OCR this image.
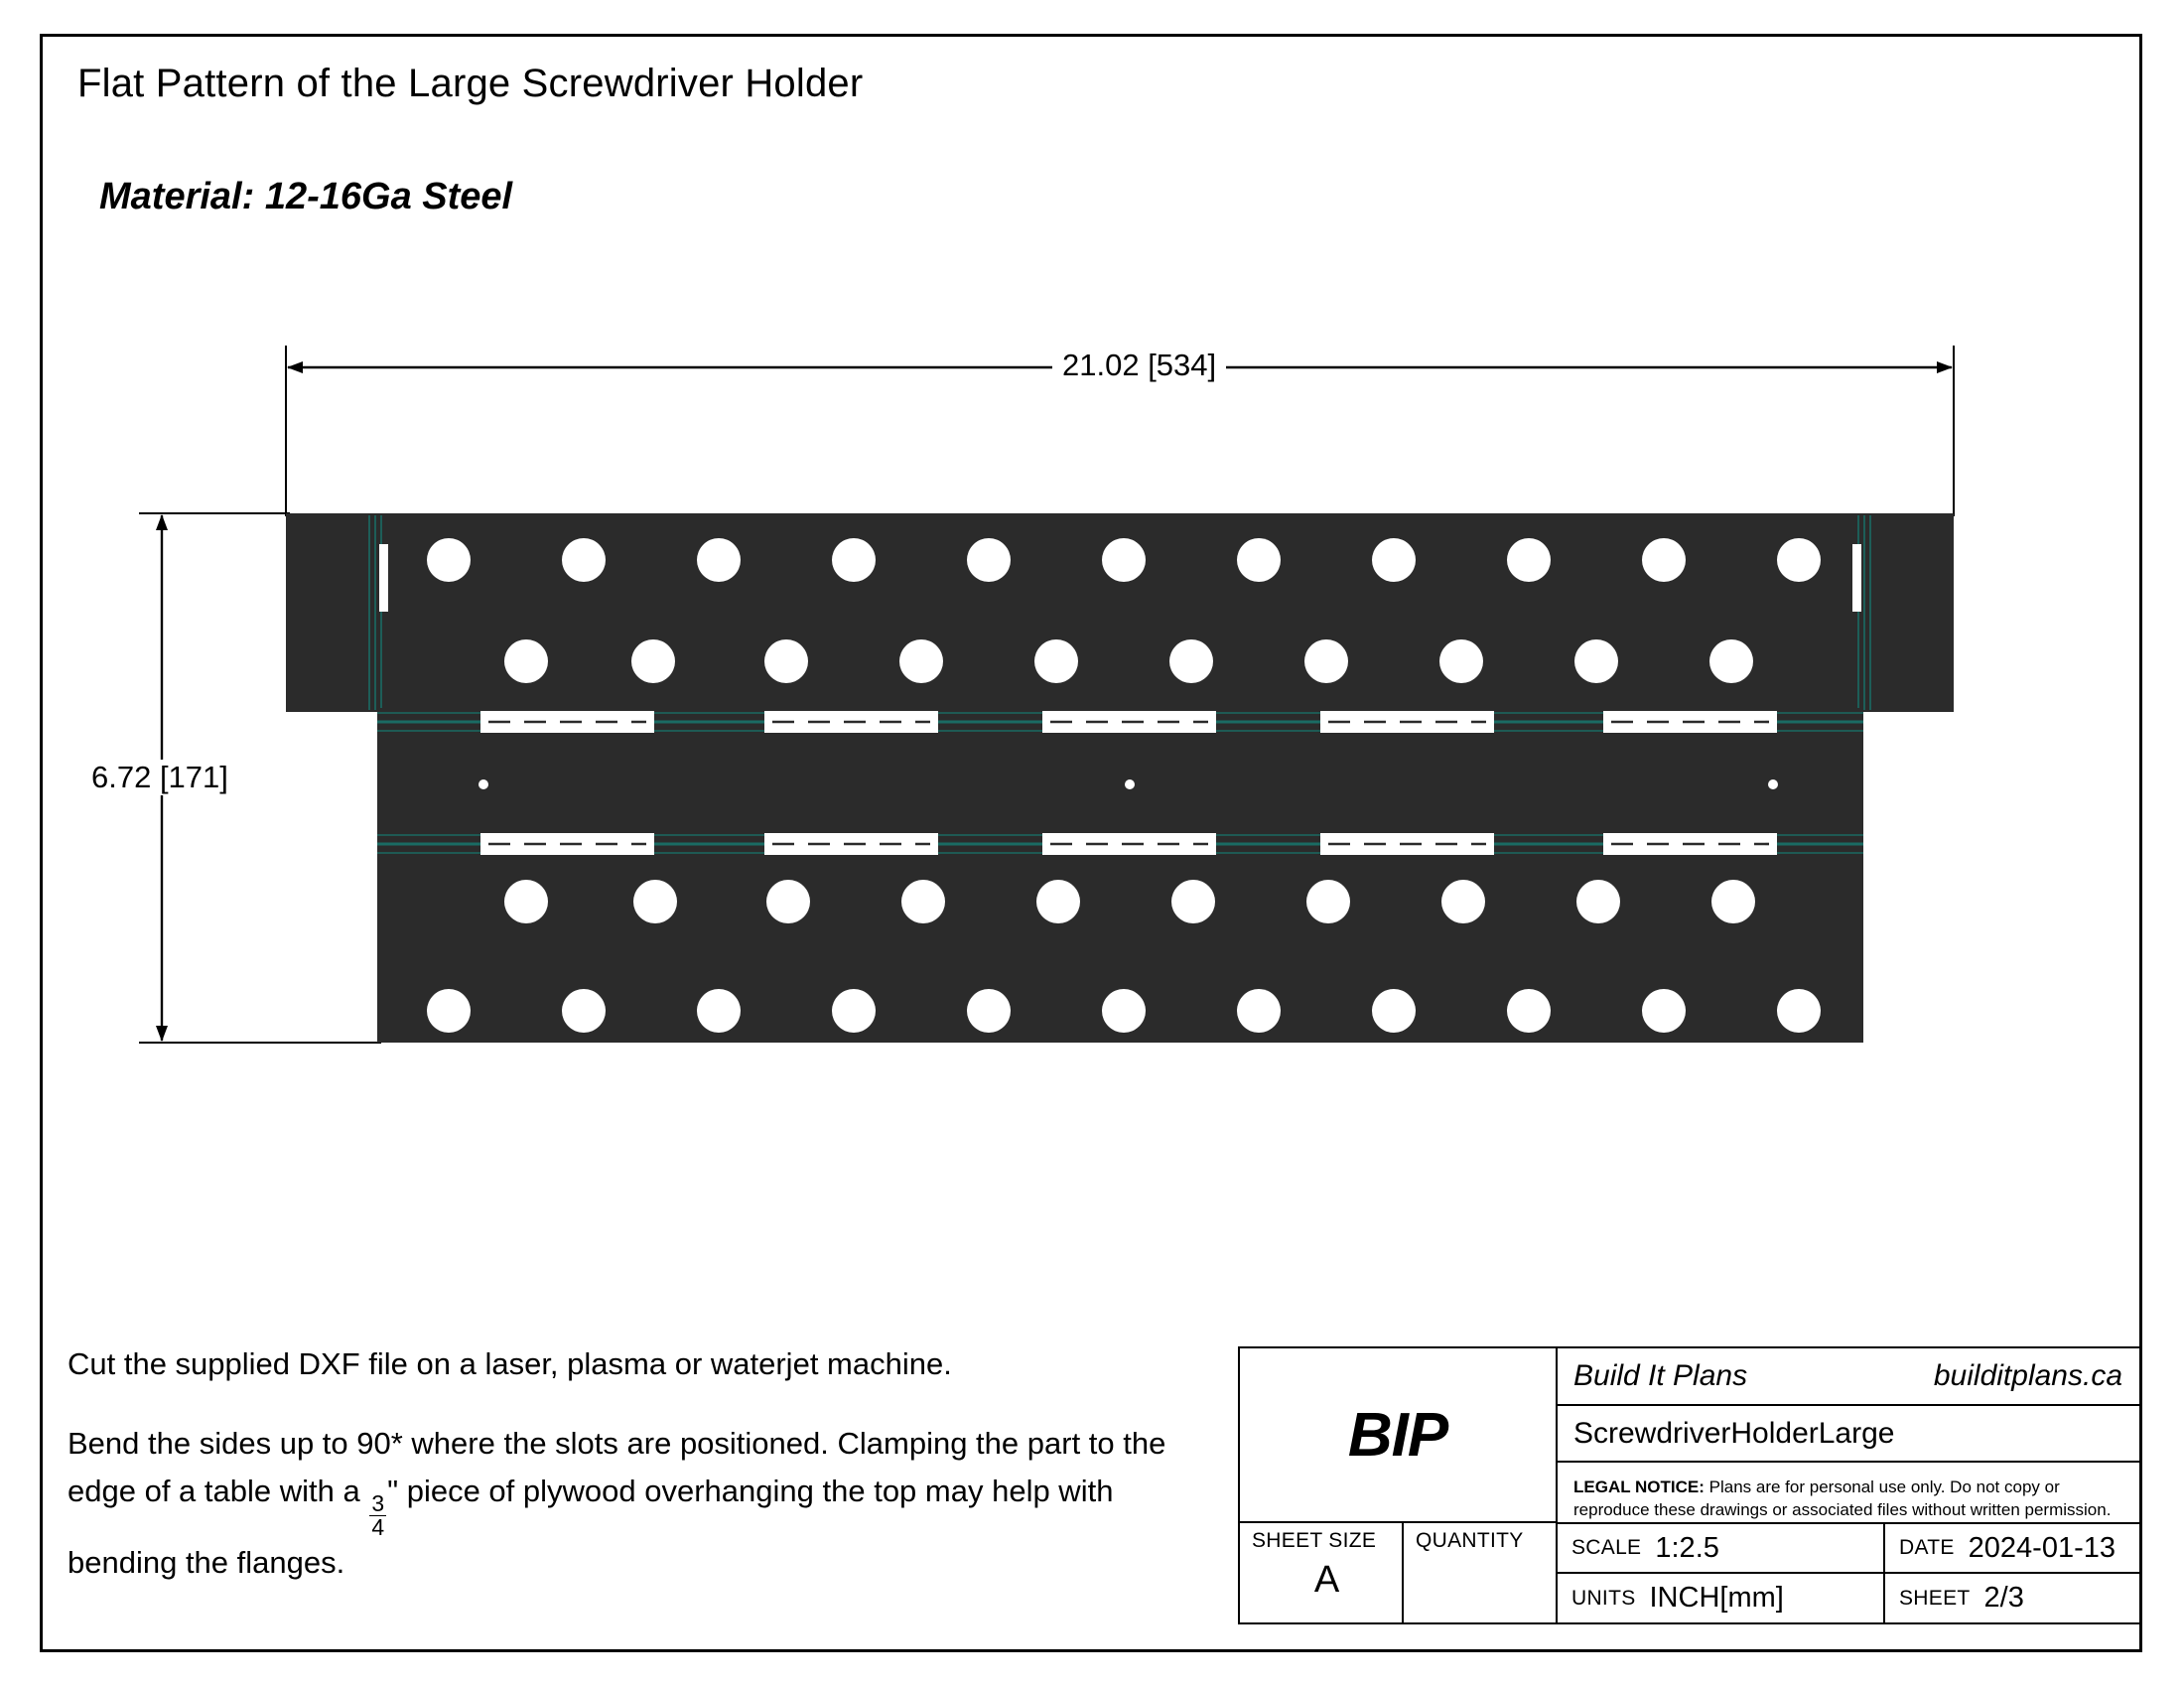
Flat Pattern of the Large Screwdriver Holder
Material: 12-16Ga Steel
21.02 [534]
6.72 [171]

Cut the supplied DXF file on a laser, plasma or waterjet machine.

Bend the sides up to 90* where the slots are positioned. Clamping the part to the edge of a table with a
$\frac{3}{4}$
" piece of plywood overhanging the top may help with bending the flanges.

BIP
SHEET SIZE
A
QUANTITY
Build It Plans	builditplans.ca
ScrewdriverHolderLarge
LEGAL NOTICE: Plans are for personal use only. Do not copy or reproduce these drawings or associated files without written permission.
SCALE 1:2.5	DATE 2024-01-13
UNITS INCH[mm]	SHEET 2/3
